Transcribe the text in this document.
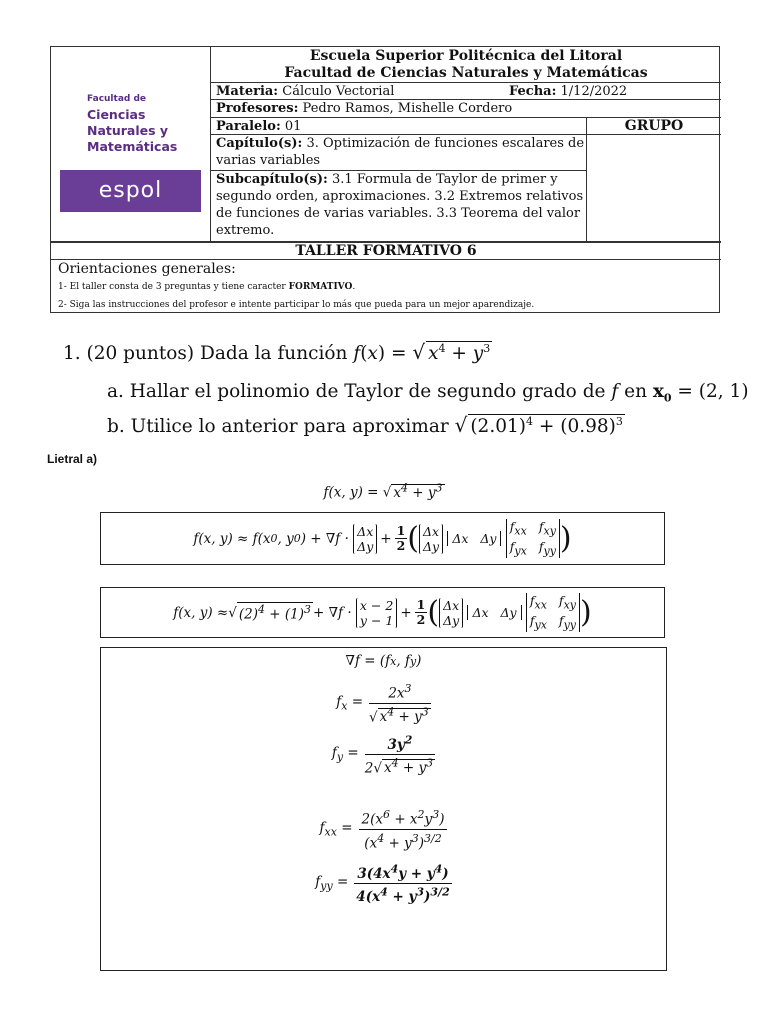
Facultad de
Ciencias
Naturales y
Matemáticas
espol
Escuela Superior Politécnica del Litoral
Facultad de Ciencias Naturales y Matemáticas
Materia: Cálculo Vectorial	Fecha: 1/12/2022
Profesores: Pedro Ramos, Mishelle Cordero
Paralelo: 01	GRUPO
Capítulo(s): 3. Optimización de funciones escalares de varias variables
Subcapítulo(s): 3.1 Formula de Taylor de primer y segundo orden, aproximaciones. 3.2 Extremos relativos de funciones de varias variables. 3.3 Teorema del valor extremo.
TALLER FORMATIVO 6
Orientaciones generales:
1- El taller consta de 3 preguntas y tiene caracter FORMATIVO.
2- Siga las instrucciones del profesor e intente participar lo más que pueda para un mejor aparendizaje.
1. (20 puntos) Dada la función f(x) = √ $x^4 + y^3$
a. Hallar el polinomio de Taylor de segundo grado de f en $x_0 = (2$, 1)
b. Utilice lo anterior para aproximar √ $(2.01)^4 + (0.98)^3$
Lietral a)
f(x, y) = √ $x^4 + y^3$
f(x, y) ≈ f(x 0 , y 0 ) + ∇f · Δx
$\Delta y + \frac{1}{2}$ ( Δx
Δy
	Δx   Δy

$f_{xx}$ $f_{xy}$
$f_{yx}$ $f_{yy}$ )
f(x, y) ≈ √ $(2)^4 + (1)^3 + \nabla f \cdot x - 2$
$y - 1 + \frac{1}{2}$ ( Δx
Δy
	Δx   Δy

$f_{xx}$ $f_{xy}$
$f_{yx}$ $f_{yy}$ )
∇f = (f x , f y )
$f_x = \frac{2x^3}{√ x^4 + y^3}$
$f_y = \frac{3y^2}{2√ x^4 + y^3}$
$f_{xx} = \frac{2(x^6 + x^2y^3)}{(x^4 + y^3)^{3/2}}$
$f_{yy} = \frac{3(4x^4y + y^4)}{4(x^4 + y^3)^{3/2}}$
